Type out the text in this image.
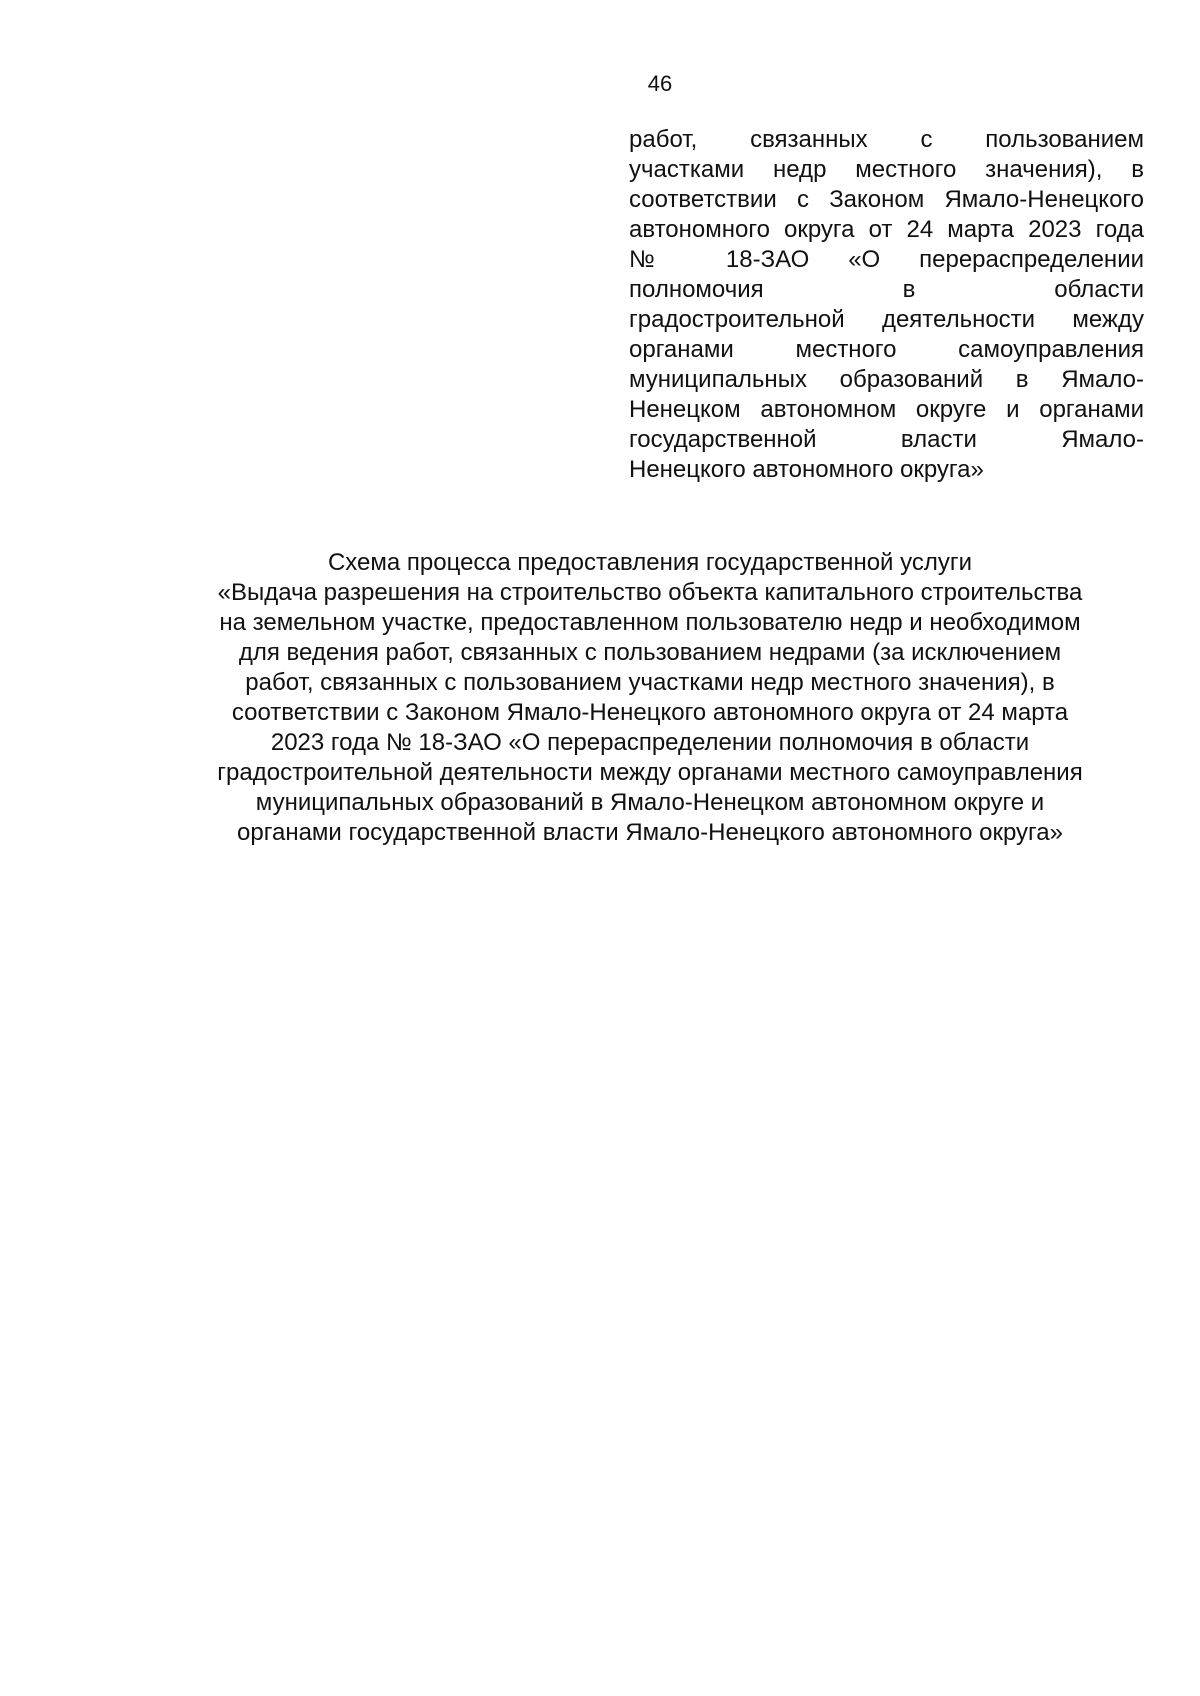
46
работ, связанных с пользованием
участками недр местного значения), в
соответствии с Законом Ямало-Ненецкого
автономного округа от 24 марта 2023 года
№ 18-ЗАО «О перераспределении
полномочия в области
градостроительной деятельности между
органами местного самоуправления
муниципальных образований в Ямало-
Ненецком автономном округе и органами
государственной власти Ямало-
Ненецкого автономного округа»
Схема процесса предоставления государственной услуги
«Выдача разрешения на строительство объекта капитального строительства
на земельном участке, предоставленном пользователю недр и необходимом
для ведения работ, связанных с пользованием недрами (за исключением
работ, связанных с пользованием участками недр местного значения), в
соответствии с Законом Ямало-Ненецкого автономного округа от 24 марта
2023 года № 18-ЗАО «О перераспределении полномочия в области
градостроительной деятельности между органами местного самоуправления
муниципальных образований в Ямало-Ненецком автономном округе и
органами государственной власти Ямало-Ненецкого автономного округа»
